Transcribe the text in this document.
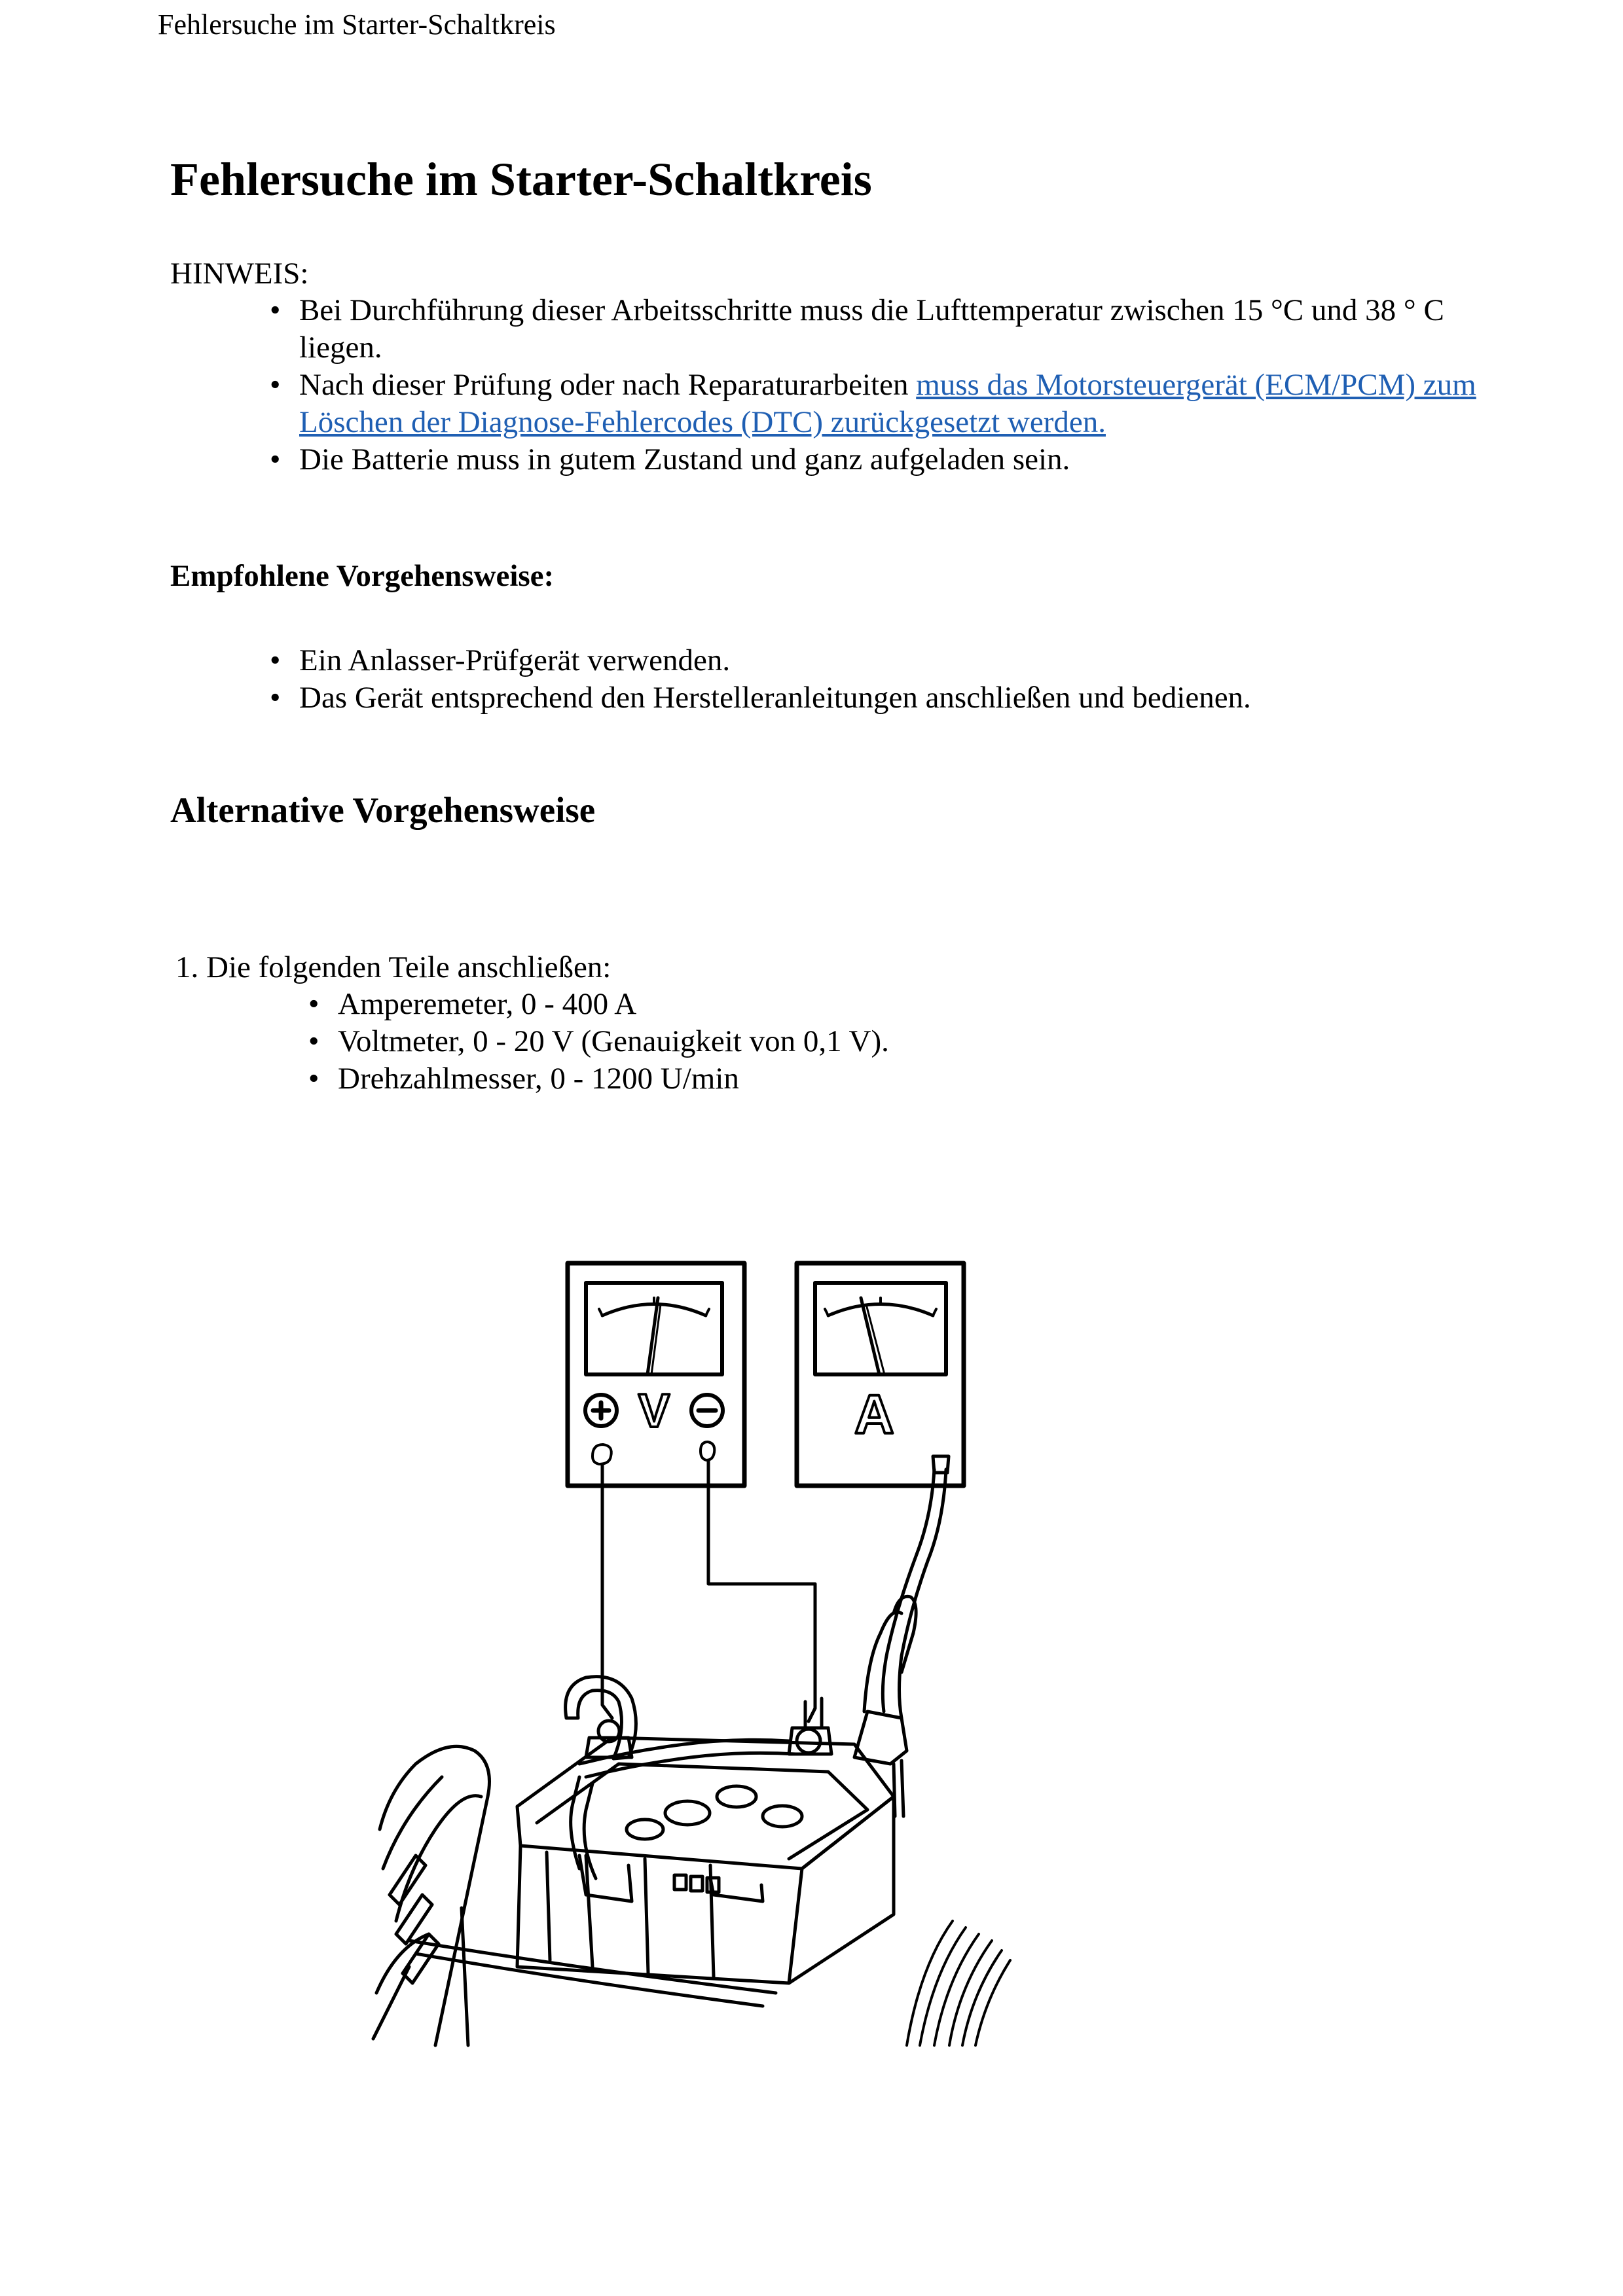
Fehlersuche im Starter-Schaltkreis
Fehlersuche im Starter-Schaltkreis
HINWEIS:
• Bei Durchführung dieser Arbeitsschritte muss die Lufttemperatur zwischen 15 °C und 38 ° C liegen.
• Nach dieser Prüfung oder nach Reparaturarbeiten muss das Motorsteuergerät (ECM/PCM) zum Löschen der Diagnose-Fehlercodes (DTC) zurückgesetzt werden.
• Die Batterie muss in gutem Zustand und ganz aufgeladen sein.
Empfohlene Vorgehensweise:
• Ein Anlasser-Prüfgerät verwenden.
• Das Gerät entsprechend den Herstelleranleitungen anschließen und bedienen.
Alternative Vorgehensweise
1. Die folgenden Teile anschließen:
• Amperemeter, 0 - 400 A
• Voltmeter, 0 - 20 V (Genauigkeit von 0,1 V).
• Drehzahlmesser, 0 - 1200 U/min
V	A
